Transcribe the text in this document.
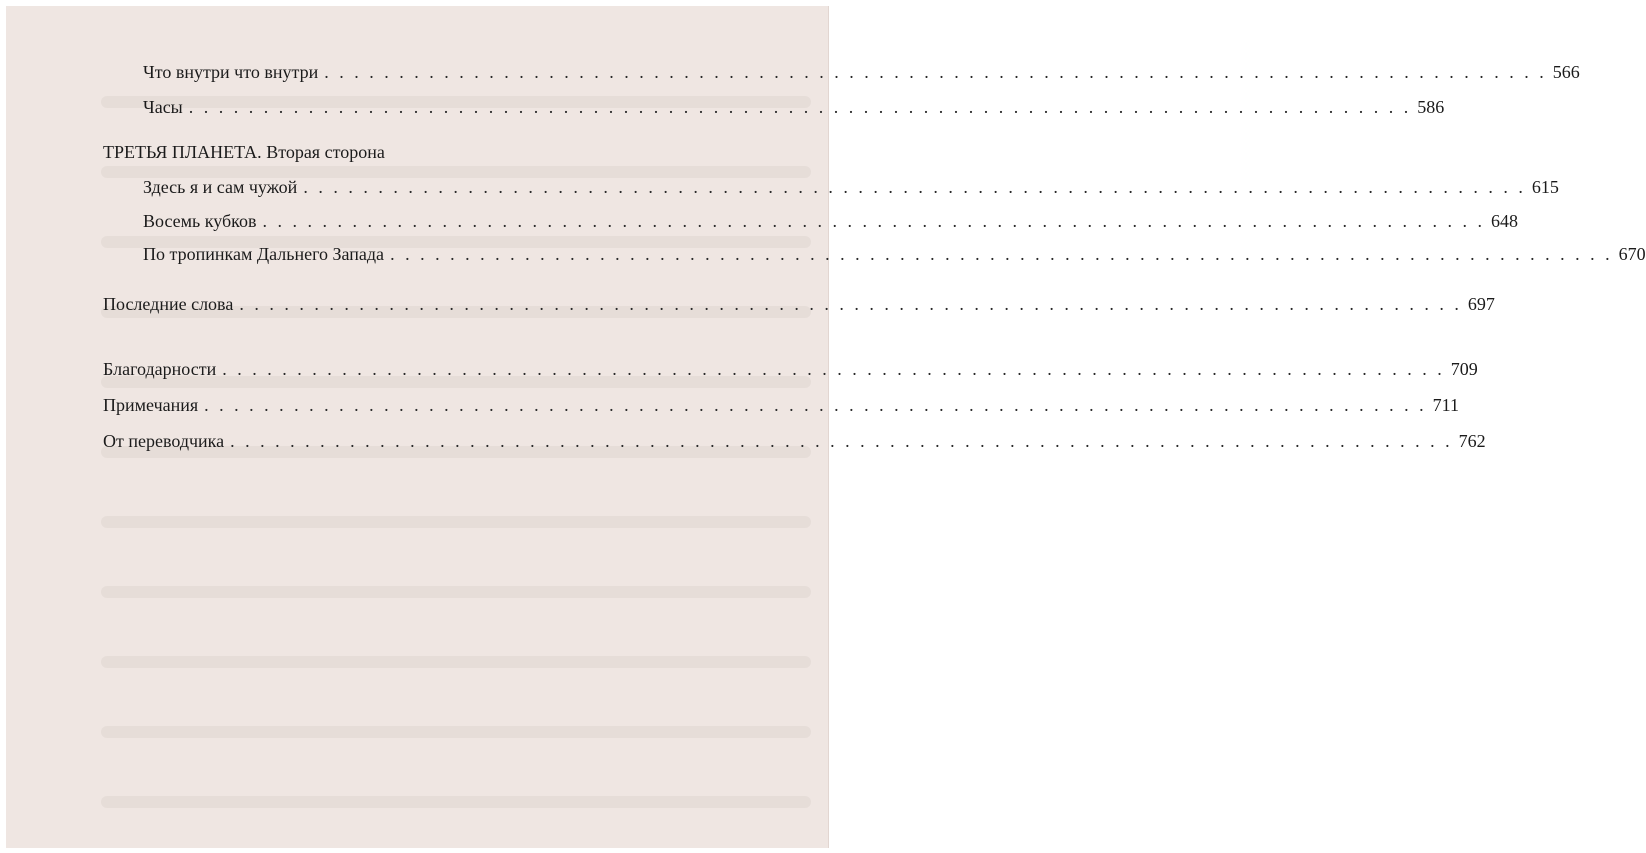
Что внутри что внутри . . . . . . . . . . . . . . . . . . . . . . . . . . . . . . . . . . . . . . . . . . . . . . . . . . . . . . . . . . . . . . . . . . . . . . . . . . . . . . . . . . 566
Часы . . . . . . . . . . . . . . . . . . . . . . . . . . . . . . . . . . . . . . . . . . . . . . . . . . . . . . . . . . . . . . . . . . . . . . . . . . . . . . . . . . 586
ТРЕТЬЯ ПЛАНЕТА. Вторая сторона
Здесь я и сам чужой . . . . . . . . . . . . . . . . . . . . . . . . . . . . . . . . . . . . . . . . . . . . . . . . . . . . . . . . . . . . . . . . . . . . . . . . . . . . . . . . . . 615
Восемь кубков . . . . . . . . . . . . . . . . . . . . . . . . . . . . . . . . . . . . . . . . . . . . . . . . . . . . . . . . . . . . . . . . . . . . . . . . . . . . . . . . . . 648
По тропинкам Дальнего Запада . . . . . . . . . . . . . . . . . . . . . . . . . . . . . . . . . . . . . . . . . . . . . . . . . . . . . . . . . . . . . . . . . . . . . . . . . . . . . . . . . . 670
Последние слова . . . . . . . . . . . . . . . . . . . . . . . . . . . . . . . . . . . . . . . . . . . . . . . . . . . . . . . . . . . . . . . . . . . . . . . . . . . . . . . . . . 697
Благодарности . . . . . . . . . . . . . . . . . . . . . . . . . . . . . . . . . . . . . . . . . . . . . . . . . . . . . . . . . . . . . . . . . . . . . . . . . . . . . . . . . . 709
Примечания . . . . . . . . . . . . . . . . . . . . . . . . . . . . . . . . . . . . . . . . . . . . . . . . . . . . . . . . . . . . . . . . . . . . . . . . . . . . . . . . . . 711
От переводчика . . . . . . . . . . . . . . . . . . . . . . . . . . . . . . . . . . . . . . . . . . . . . . . . . . . . . . . . . . . . . . . . . . . . . . . . . . . . . . . . . . 762
